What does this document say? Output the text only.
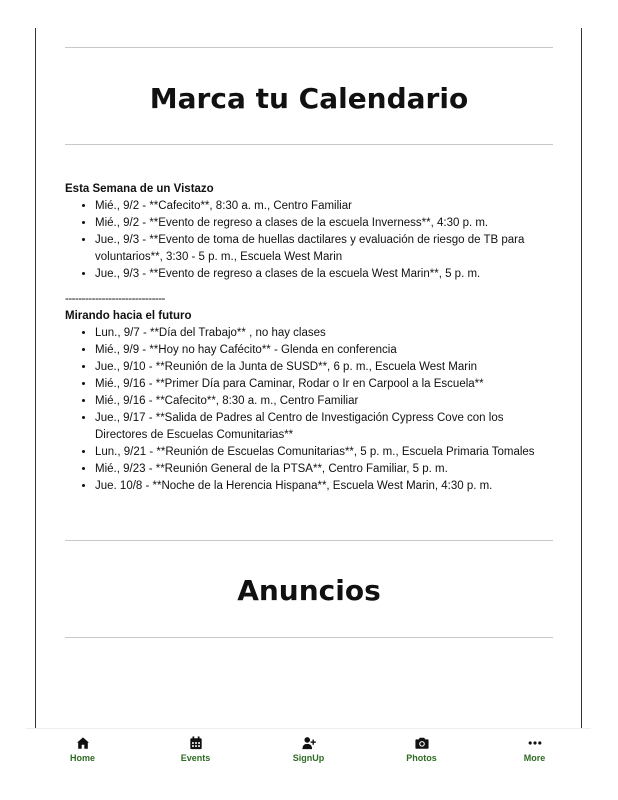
Marca tu Calendario

Esta Semana de un Vistazo

• Mié., 9/2 - **Cafecito**, 8:30 a. m., Centro Familiar
• Mié., 9/2 - **Evento de regreso a clases de la escuela Inverness**, 4:30 p. m.
• Jue., 9/3 - **Evento de toma de huellas dactilares y evaluación de riesgo de TB para voluntarios**, 3:30 - 5 p. m., Escuela West Marin
• Jue., 9/3 - **Evento de regreso a clases de la escuela West Marin**, 5 p. m.

------------------------------

Mirando hacia el futuro

• Lun., 9/7 - **Día del Trabajo** , no hay clases
• Mié., 9/9 - **Hoy no hay Cafécito** - Glenda en conferencia
• Jue., 9/10 - **Reunión de la Junta de SUSD**, 6 p. m., Escuela West Marin
• Mié., 9/16 - **Primer Día para Caminar, Rodar o Ir en Carpool a la Escuela**
• Mié., 9/16 - **Cafecito**, 8:30 a. m., Centro Familiar
• Jue., 9/17 - **Salida de Padres al Centro de Investigación Cypress Cove con los Directores de Escuelas Comunitarias**
• Lun., 9/21 - **Reunión de Escuelas Comunitarias**, 5 p. m., Escuela Primaria Tomales
• Mié., 9/23 - **Reunión General de la PTSA**, Centro Familiar, 5 p. m.
• Jue. 10/8 - **Noche de la Herencia Hispana**, Escuela West Marin, 4:30 p. m.
Anuncios
Home	Events	SignUp	Photos	More
